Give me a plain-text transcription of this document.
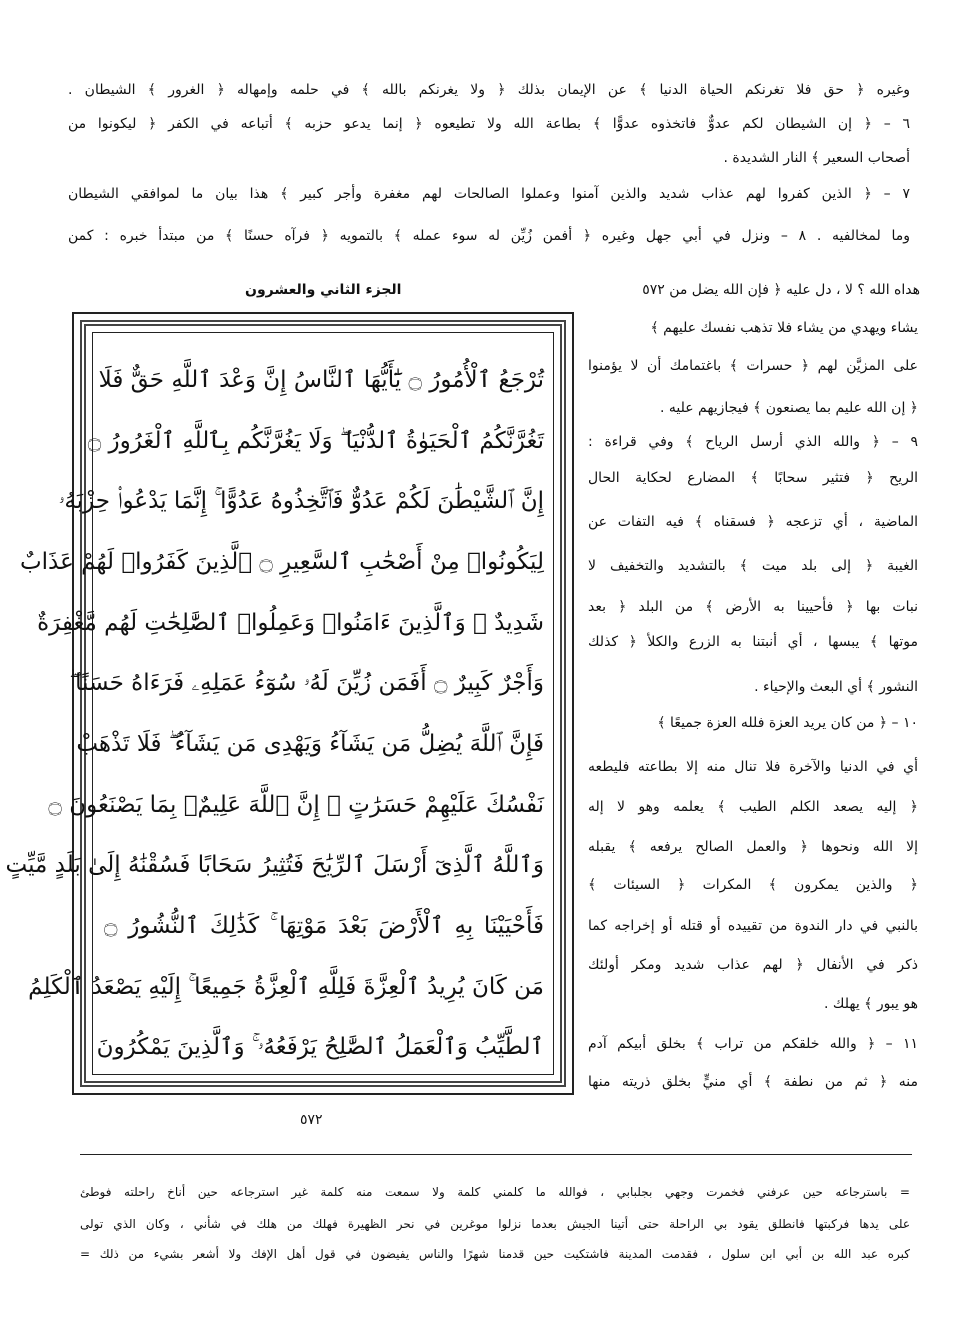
وغيره ﴿ حق فلا تغرنكم الحياة الدنيا ﴾ عن الإيمان بذلك ﴿ ولا يغرنكم بالله ﴾ في حلمه وإمهاله ﴿ الغرور ﴾ الشيطان .
٦ – ﴿ إن الشيطان لكم عدوٌّ فاتخذوه عدوًّا ﴾ بطاعة الله ولا تطيعوه ﴿ إنما يدعو حزبه ﴾ أتباعه في الكفر ﴿ ليكونوا من
أصحاب السعير ﴾ النار الشديدة .
٧ – ﴿ الذين كفروا لهم عذاب شديد والذين آمنوا وعملوا الصالحات لهم مغفرة وأجر كبير ﴾ هذا بيان ما لموافقي الشيطان
وما لمخالفيه . ٨ – ونزل في أبي جهل وغيره ﴿ أفمن زُيِّن له سوء عمله ﴾ بالتمويه ﴿ فرآه حسنًا ﴾ من مبتدأ خبره : كمن
الجزء الثاني والعشرون	هداه الله ؟ لا ، دل عليه ﴿ فإن الله يضل من ٥٧٢
تُرْجَعُ ٱلْأُمُورُ ۝ يَٰٓأَيُّهَا ٱلنَّاسُ إِنَّ وَعْدَ ٱللَّهِ حَقٌّ فَلَا
تَغُرَّنَّكُمُ ٱلْحَيَوٰةُ ٱلدُّنْيَا ۖ وَلَا يَغُرَّنَّكُم بِٱللَّهِ ٱلْغَرُورُ ۝
إِنَّ ٱلشَّيْطَٰنَ لَكُمْ عَدُوٌّ فَٱتَّخِذُوهُ عَدُوًّا ۚ إِنَّمَا يَدْعُوا۟ حِزْبَهُۥ
لِيَكُونُوا۟ مِنْ أَصْحَٰبِ ٱلسَّعِيرِ ۝ ٱلَّذِينَ كَفَرُوا۟ لَهُمْ عَذَابٌ
شَدِيدٌ ۖ وَٱلَّذِينَ ءَامَنُوا۟ وَعَمِلُوا۟ ٱلصَّٰلِحَٰتِ لَهُم مَّغْفِرَةٌ
وَأَجْرٌ كَبِيرٌ ۝ أَفَمَن زُيِّنَ لَهُۥ سُوٓءُ عَمَلِهِۦ فَرَءَاهُ حَسَنًا ۖ
فَإِنَّ ٱللَّهَ يُضِلُّ مَن يَشَآءُ وَيَهْدِى مَن يَشَآءُ ۖ فَلَا تَذْهَبْ
نَفْسُكَ عَلَيْهِمْ حَسَرَٰتٍ ۚ إِنَّ ٱللَّهَ عَلِيمٌۢ بِمَا يَصْنَعُونَ ۝
وَٱللَّهُ ٱلَّذِىٓ أَرْسَلَ ٱلرِّيَٰحَ فَتُثِيرُ سَحَابًا فَسُقْنَٰهُ إِلَىٰ بَلَدٍ مَّيِّتٍ
فَأَحْيَيْنَا بِهِ ٱلْأَرْضَ بَعْدَ مَوْتِهَا ۚ كَذَٰلِكَ ٱلنُّشُورُ ۝
مَن كَانَ يُرِيدُ ٱلْعِزَّةَ فَلِلَّهِ ٱلْعِزَّةُ جَمِيعًا ۚ إِلَيْهِ يَصْعَدُ ٱلْكَلِمُ
ٱلطَّيِّبُ وَٱلْعَمَلُ ٱلصَّٰلِحُ يَرْفَعُهُۥ ۚ وَٱلَّذِينَ يَمْكُرُونَ
يشاء ويهدي من يشاء فلا تذهب نفسك عليهم ﴾
على المزيَّن لهم ﴿ حسرات ﴾ باغتمامك أن لا يؤمنوا
﴿ إن الله عليم بما يصنعون ﴾ فيجازيهم عليه .
٩ – ﴿ والله الذي أرسل الرياح ﴾ وفي قراءة :
الريح ﴿ فتثير سحابًا ﴾ المضارع لحكاية الحال
الماضية ، أي تزعجه ﴿ فسقناه ﴾ فيه التفات عن
الغيبة ﴿ إلى بلد ميت ﴾ بالتشديد والتخفيف لا
نبات بها ﴿ فأحيينا به الأرض ﴾ من البلد ﴿ بعد
موتها ﴾ يبسها ، أي أنبتنا به الزرع والكلأ ﴿ كذلك
النشور ﴾ أي البعث والإحياء .
١٠ – ﴿ من كان يريد العزة فلله العزة جميعًا ﴾
أي في الدنيا والآخرة فلا تنال منه إلا بطاعته فليطعه
﴿ إليه يصعد الكلم الطيب ﴾ يعلمه وهو لا إله
إلا الله ونحوها ﴿ والعمل الصالح يرفعه ﴾ يقبله
﴿ والذين يمكرون ﴾ المكرات ﴿ السيئات ﴾
بالنبي في دار الندوة من تقييده أو قتله أو إخراجه كما
ذكر في الأنفال ﴿ لهم عذاب شديد ومكر أولئك
هو يبور ﴾ يهلك .
١١ – ﴿ والله خلقكم من تراب ﴾ بخلق أبيكم آدم
منه ﴿ ثم من نطفة ﴾ أي منيٍّ بخلق ذريته منها
٥٧٢
= باسترجاعه حين عرفني فخمرت وجهي بجلبابي ، فوالله ما كلمني كلمة ولا سمعت منه كلمة غير استرجاعه حين أناخ راحلته فوطئ
على يدها فركبتها فانطلق يقود بي الراحلة حتى أتينا الجيش بعدما نزلوا موغرين في نحر الظهيرة فهلك من هلك في شأني ، وكان الذي تولى
كبره عبد الله بن أبي ابن سلول ، فقدمت المدينة فاشتكيت حين قدمنا شهرًا والناس يفيضون في قول أهل الإفك ولا أشعر بشيء من ذلك =
